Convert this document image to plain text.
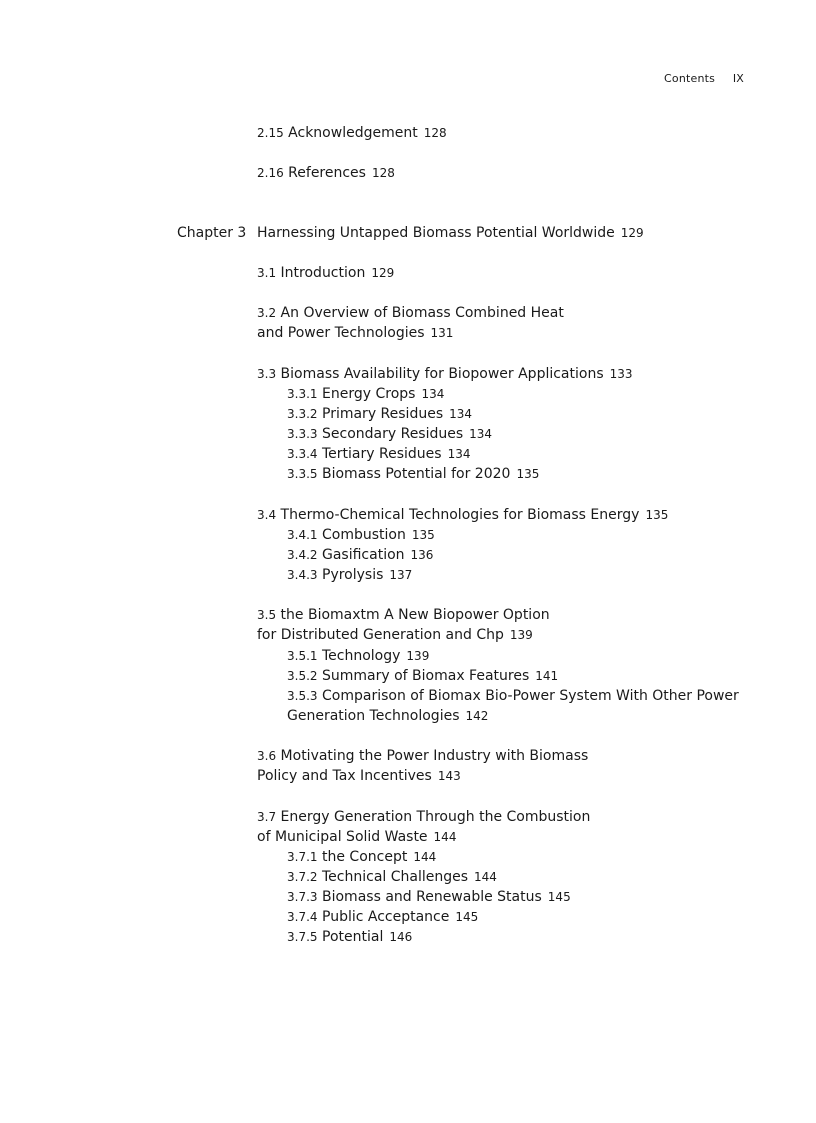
Contents IX
Chapter 3
2.15 Acknowledgement 128
2.16 References 128
Harnessing Untapped Biomass Potential Worldwide 129
3.1 Introduction 129
3.2 An Overview of Biomass Combined Heat
and Power Technologies 131
3.3 Biomass Availability for Biopower Applications 133
3.3.1 Energy Crops 134
3.3.2 Primary Residues 134
3.3.3 Secondary Residues 134
3.3.4 Tertiary Residues 134
3.3.5 Biomass Potential for 2020 135
3.4 Thermo-Chemical Technologies for Biomass Energy 135
3.4.1 Combustion 135
3.4.2 Gasification 136
3.4.3 Pyrolysis 137
3.5 the Biomaxtm A New Biopower Option
for Distributed Generation and Chp 139
3.5.1 Technology 139
3.5.2 Summary of Biomax Features 141
3.5.3 Comparison of Biomax Bio-Power System With Other Power
Generation Technologies 142
3.6 Motivating the Power Industry with Biomass
Policy and Tax Incentives 143
3.7 Energy Generation Through the Combustion
of Municipal Solid Waste 144
3.7.1 the Concept 144
3.7.2 Technical Challenges 144
3.7.3 Biomass and Renewable Status 145
3.7.4 Public Acceptance 145
3.7.5 Potential 146
